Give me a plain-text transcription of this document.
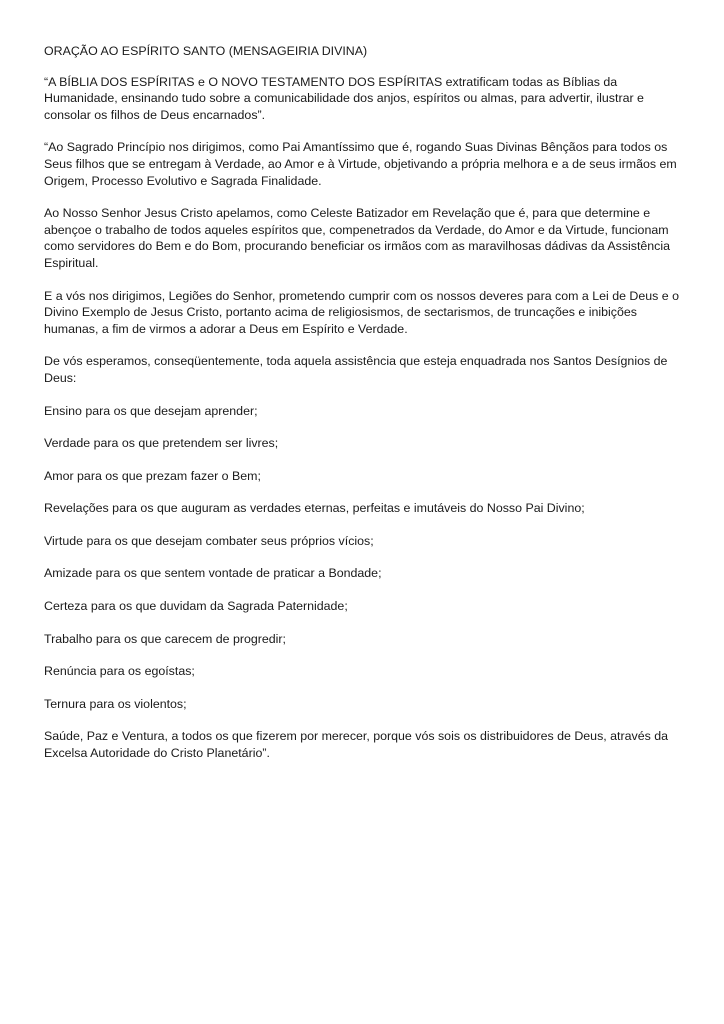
ORAÇÃO AO ESPÍRITO SANTO (MENSAGEIRIA DIVINA)

“A BÍBLIA DOS ESPÍRITAS e O NOVO TESTAMENTO DOS ESPÍRITAS extratificam todas as Bíblias da Humanidade, ensinando tudo sobre a comunicabilidade dos anjos, espíritos ou almas, para advertir, ilustrar e consolar os filhos de Deus encarnados”.

“Ao Sagrado Princípio nos dirigimos, como Pai Amantíssimo que é, rogando Suas Divinas Bênçãos para todos os Seus filhos que se entregam à Verdade, ao Amor e à Virtude, objetivando a própria melhora e a de seus irmãos em Origem, Processo Evolutivo e Sagrada Finalidade.

Ao Nosso Senhor Jesus Cristo apelamos, como Celeste Batizador em Revelação que é, para que determine e abençoe o trabalho de todos aqueles espíritos que, compenetrados da Verdade, do Amor e da Virtude, funcionam como servidores do Bem e do Bom, procurando beneficiar os irmãos com as maravilhosas dádivas da Assistência Espiritual.

E a vós nos dirigimos, Legiões do Senhor, prometendo cumprir com os nossos deveres para com a Lei de Deus e o Divino Exemplo de Jesus Cristo, portanto acima de religiosismos, de sectarismos, de truncações e inibições humanas, a fim de virmos a adorar a Deus em Espírito e Verdade.

De vós esperamos, conseqüentemente, toda aquela assistência que esteja enquadrada nos Santos Desígnios de Deus:

Ensino para os que desejam aprender;

Verdade para os que pretendem ser livres;

Amor para os que prezam fazer o Bem;

Revelações para os que auguram as verdades eternas, perfeitas e imutáveis do Nosso Pai Divino;

Virtude para os que desejam combater seus próprios vícios;

Amizade para os que sentem vontade de praticar a Bondade;

Certeza para os que duvidam da Sagrada Paternidade;

Trabalho para os que carecem de progredir;

Renúncia para os egoístas;

Ternura para os violentos;

Saúde, Paz e Ventura, a todos os que fizerem por merecer, porque vós sois os distribuidores de Deus, através da Excelsa Autoridade do Cristo Planetário”.
